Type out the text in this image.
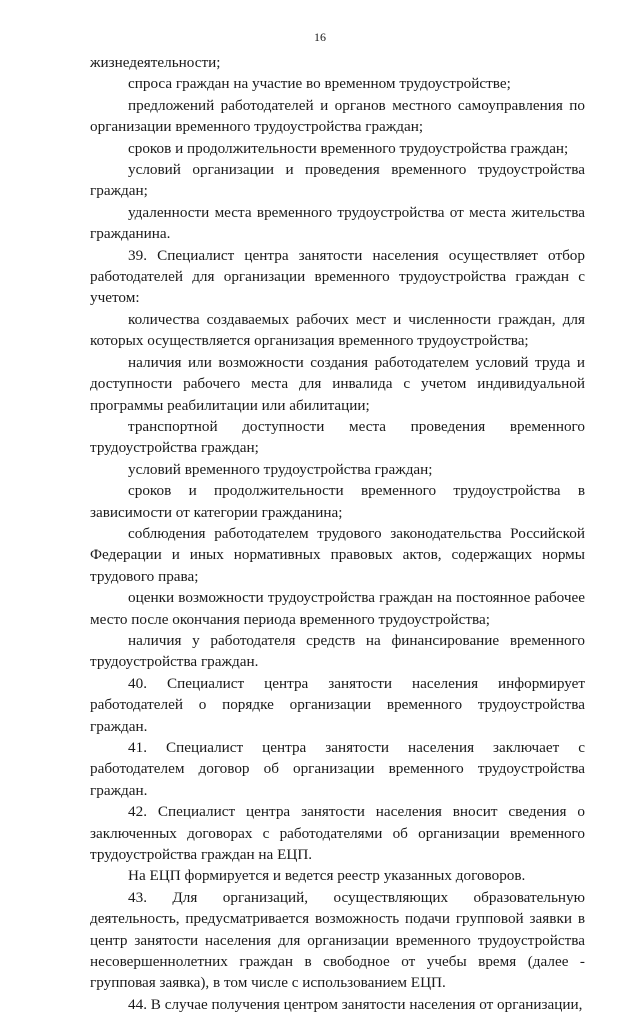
16

жизнедеятельности;

спроса граждан на участие во временном трудоустройстве;

предложений работодателей и органов местного самоуправления по организации временного трудоустройства граждан;

сроков и продолжительности временного трудоустройства граждан;

условий организации и проведения временного трудоустройства граждан;

удаленности места временного трудоустройства от места жительства гражданина.

39. Специалист центра занятости населения осуществляет отбор работодателей для организации временного трудоустройства граждан с учетом:

количества создаваемых рабочих мест и численности граждан, для которых осуществляется организация временного трудоустройства;

наличия или возможности создания работодателем условий труда и доступности рабочего места для инвалида с учетом индивидуальной программы реабилитации или абилитации;

транспортной доступности места проведения временного трудоустройства граждан;

условий временного трудоустройства граждан;

сроков и продолжительности временного трудоустройства в зависимости от категории гражданина;

соблюдения работодателем трудового законодательства Российской Федерации и иных нормативных правовых актов, содержащих нормы трудового права;

оценки возможности трудоустройства граждан на постоянное рабочее место после окончания периода временного трудоустройства;

наличия у работодателя средств на финансирование временного трудоустройства граждан.

40. Специалист центра занятости населения информирует работодателей о порядке организации временного трудоустройства граждан.

41. Специалист центра занятости населения заключает с работодателем договор об организации временного трудоустройства граждан.

42. Специалист центра занятости населения вносит сведения о заключенных договорах с работодателями об организации временного трудоустройства граждан на ЕЦП.

На ЕЦП формируется и ведется реестр указанных договоров.

43. Для организаций, осуществляющих образовательную деятельность, предусматривается возможность подачи групповой заявки в центр занятости населения для организации временного трудоустройства несовершеннолетних граждан в свободное от учебы время (далее - групповая заявка), в том числе с использованием ЕЦП.

44. В случае получения центром занятости населения от организации,
